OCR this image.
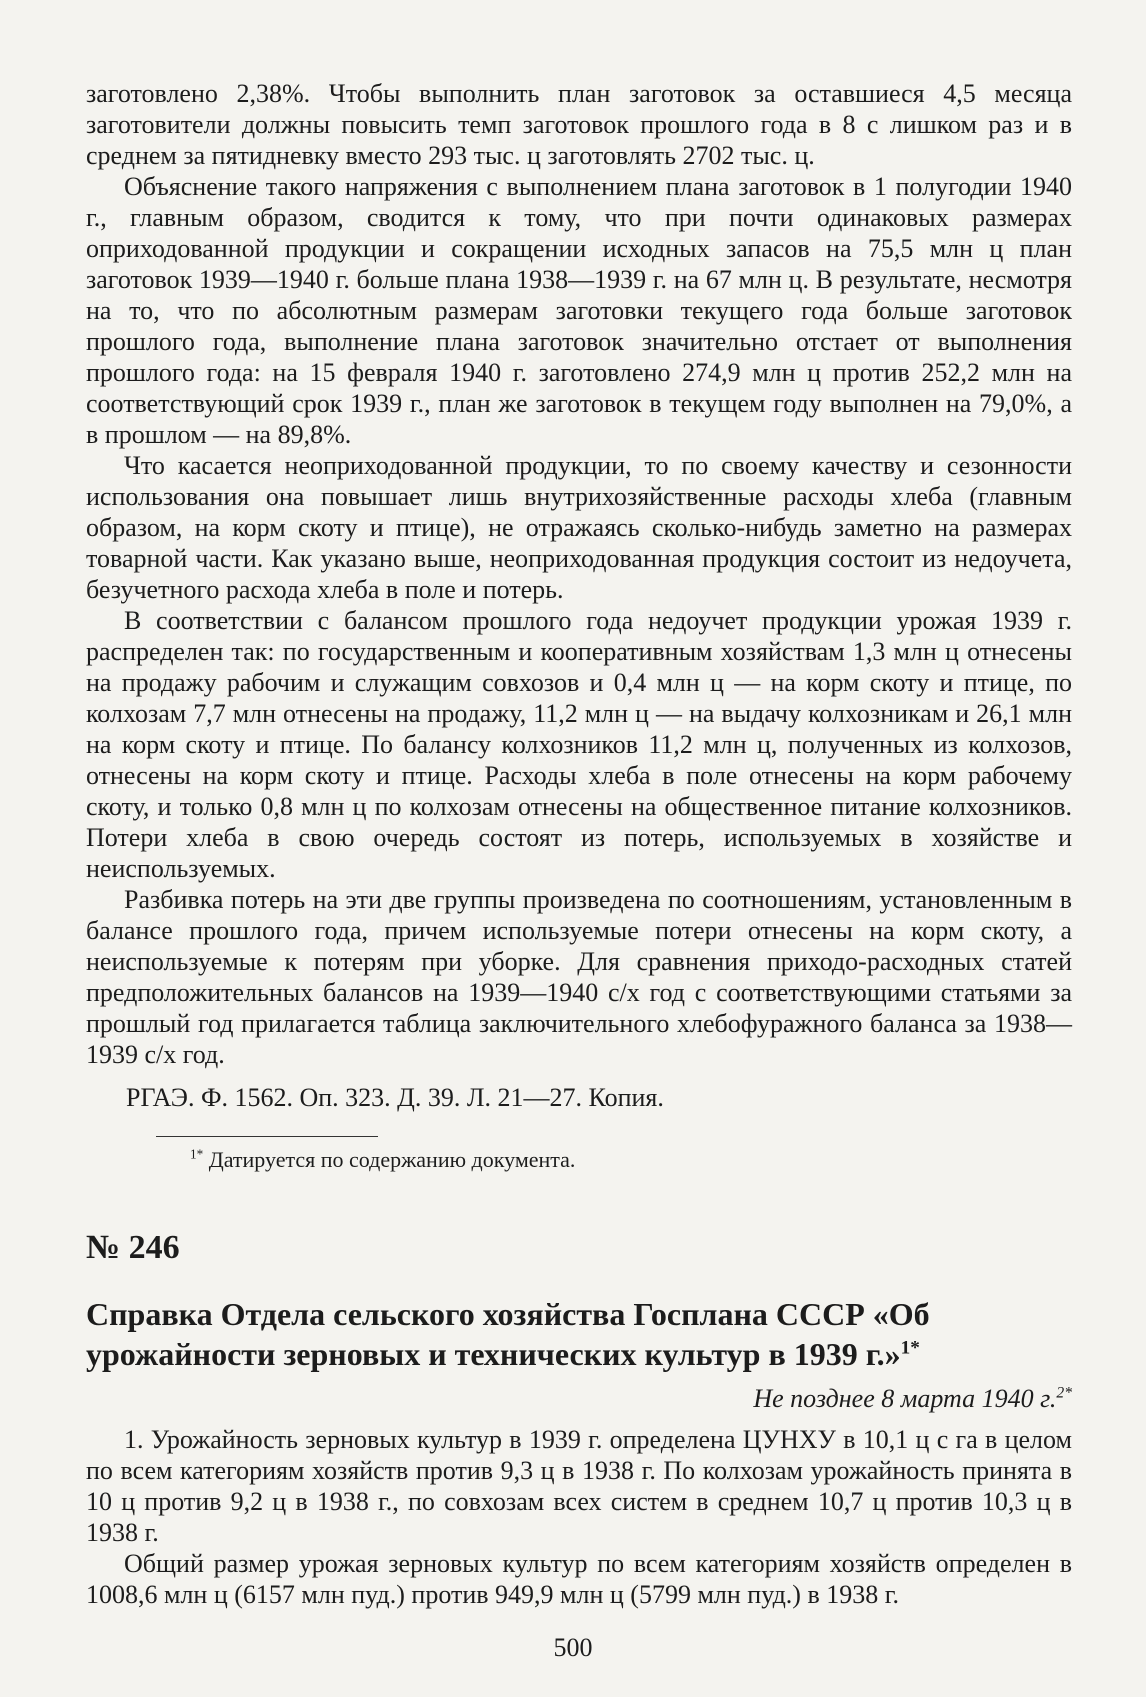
заготовлено 2,38%. Чтобы выполнить план заготовок за оставшиеся 4,5 месяца заготовители должны повысить темп заготовок прошлого года в 8 с лишком раз и в среднем за пятидневку вместо 293 тыс. ц заготовлять 2702 тыс. ц.

Объяснение такого напряжения с выполнением плана заготовок в 1 полугодии 1940 г., главным образом, сводится к тому, что при почти одинаковых размерах оприходованной продукции и сокращении исходных запасов на 75,5 млн ц план заготовок 1939—1940 г. больше плана 1938—1939 г. на 67 млн ц. В результате, несмотря на то, что по абсолютным размерам заготовки текущего года больше заготовок прошлого года, выполнение плана заготовок значительно отстает от выполнения прошлого года: на 15 февраля 1940 г. заготовлено 274,9 млн ц против 252,2 млн на соответствующий срок 1939 г., план же заготовок в текущем году выполнен на 79,0%, а в прошлом — на 89,8%.

Что касается неоприходованной продукции, то по своему качеству и сезонности использования она повышает лишь внутрихозяйственные расходы хлеба (главным образом, на корм скоту и птице), не отражаясь сколько-нибудь заметно на размерах товарной части. Как указано выше, неоприходованная продукция состоит из недоучета, безучетного расхода хлеба в поле и потерь.

В соответствии с балансом прошлого года недоучет продукции урожая 1939 г. распределен так: по государственным и кооперативным хозяйствам 1,3 млн ц отнесены на продажу рабочим и служащим совхозов и 0,4 млн ц — на корм скоту и птице, по колхозам 7,7 млн отнесены на продажу, 11,2 млн ц — на выдачу колхозникам и 26,1 млн на корм скоту и птице. По балансу колхозников 11,2 млн ц, полученных из колхозов, отнесены на корм скоту и птице. Расходы хлеба в поле отнесены на корм рабочему скоту, и только 0,8 млн ц по колхозам отнесены на общественное питание колхозников. Потери хлеба в свою очередь состоят из потерь, используемых в хозяйстве и неиспользуемых.

Разбивка потерь на эти две группы произведена по соотношениям, установленным в балансе прошлого года, причем используемые потери отнесены на корм скоту, а неиспользуемые к потерям при уборке. Для сравнения приходо-расходных статей предположительных балансов на 1939—1940 с/х год с соответствующими статьями за прошлый год прилагается таблица заключительного хлебофуражного баланса за 1938—1939 с/х год.

РГАЭ. Ф. 1562. Оп. 323. Д. 39. Л. 21—27. Копия.
$^{1*}$ Датируется по содержанию документа.
№ 246
Справка Отдела сельского хозяйства Госплана СССР «Об урожайности зерновых и технических культур в 1939 г.»$^{1*}$
Не позднее 8 марта 1940 г.$^{2*}$

1. Урожайность зерновых культур в 1939 г. определена ЦУНХУ в 10,1 ц с га в целом по всем категориям хозяйств против 9,3 ц в 1938 г. По колхозам урожайность принята в 10 ц против 9,2 ц в 1938 г., по совхозам всех систем в среднем 10,7 ц против 10,3 ц в 1938 г.

Общий размер урожая зерновых культур по всем категориям хозяйств определен в 1008,6 млн ц (6157 млн пуд.) против 949,9 млн ц (5799 млн пуд.) в 1938 г.

500
